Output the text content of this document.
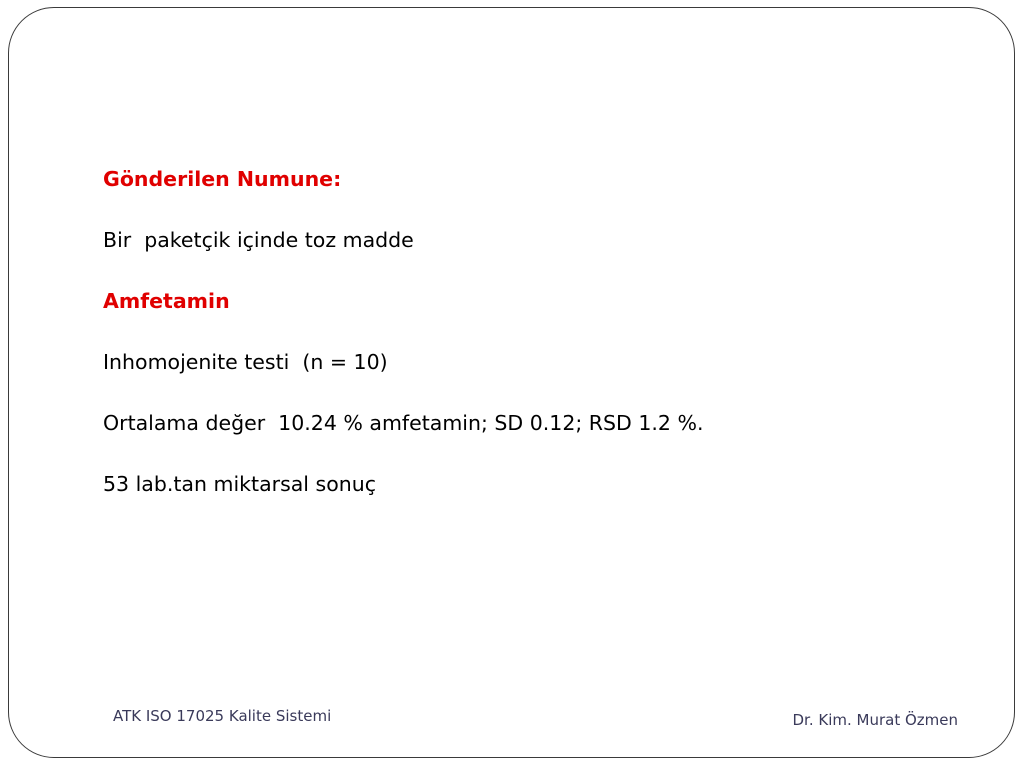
Gönderilen Numune:
Bir  paketçik içinde toz madde
Amfetamin
Inhomojenite testi  (n = 10)
Ortalama değer  10.24 % amfetamin; SD 0.12; RSD 1.2 %.
53 lab.tan miktarsal sonuç
ATK ISO 17025 Kalite Sistemi	Dr. Kim. Murat Özmen
